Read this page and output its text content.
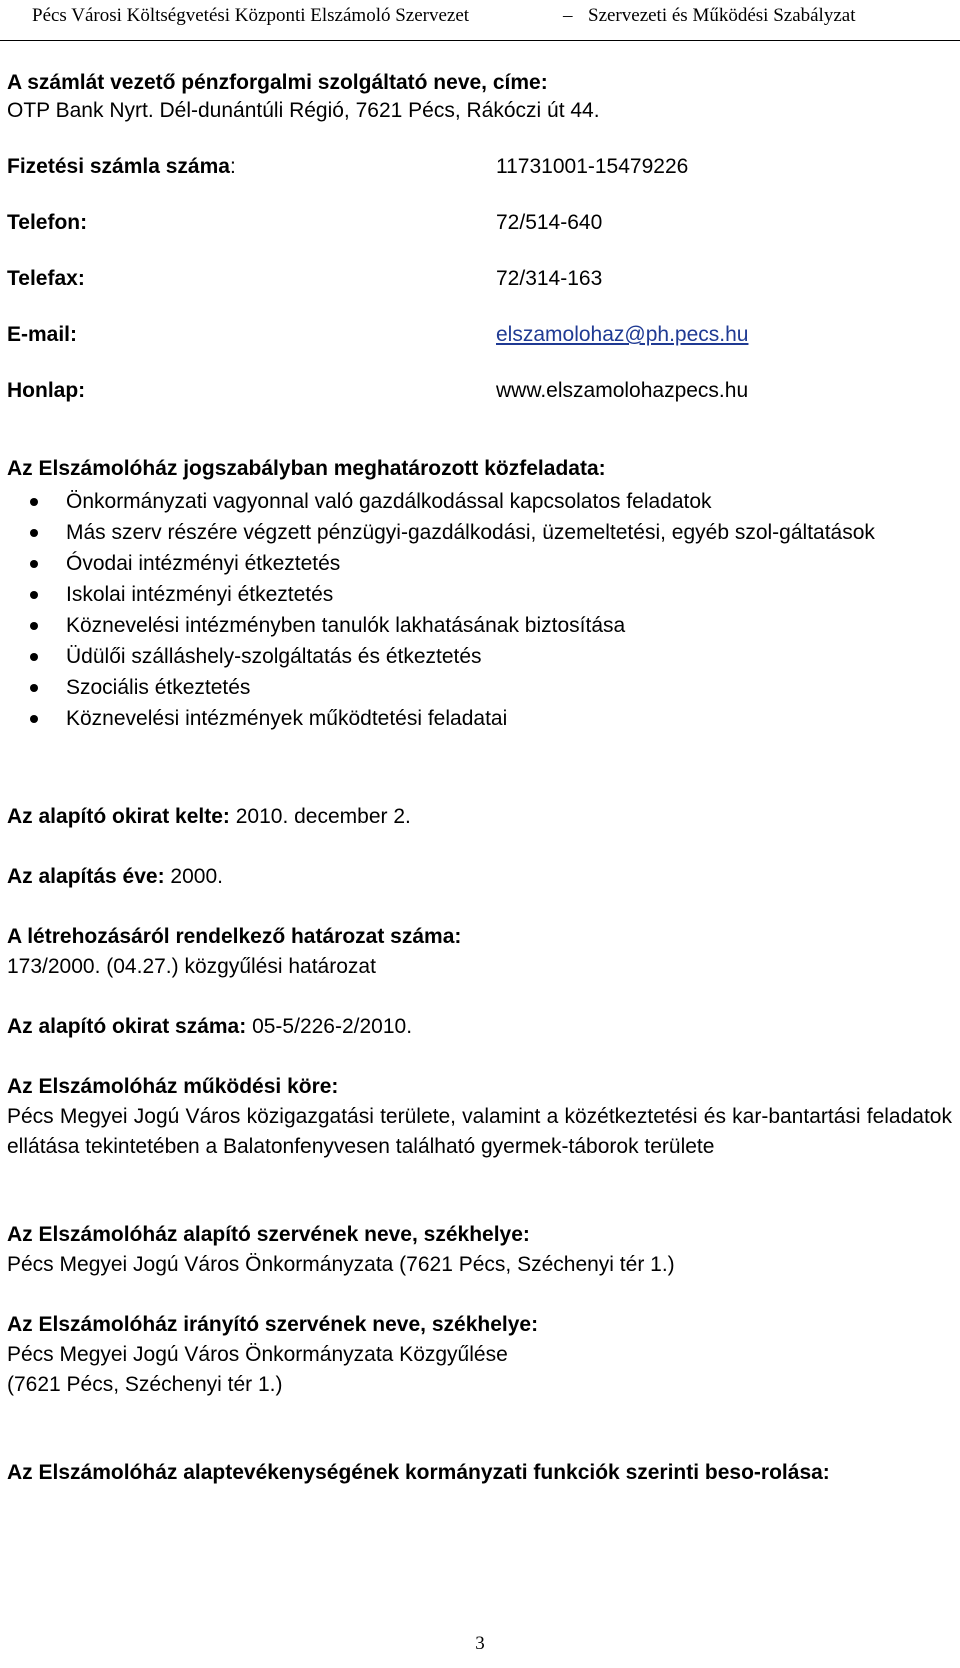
Pécs Városi Költségvetési Központi Elszámoló Szervezet	– Szervezeti és Működési Szabályzat
A számlát vezető pénzforgalmi szolgáltató neve, címe:
OTP Bank Nyrt. Dél-dunántúli Régió, 7621 Pécs, Rákóczi út 44.
Fizetési számla száma:	11731001-15479226
Telefon:	72/514-640
Telefax:	72/314-163
E-mail:	elszamolohaz@ph.pecs.hu
Honlap:	www.elszamolohazpecs.hu
Az Elszámolóház jogszabályban meghatározott közfeladata:
Önkormányzati vagyonnal való gazdálkodással kapcsolatos feladatok
Más szerv részére végzett pénzügyi-gazdálkodási, üzemeltetési, egyéb szol-gáltatások
Óvodai intézményi étkeztetés
Iskolai intézményi étkeztetés
Köznevelési intézményben tanulók lakhatásának biztosítása
Üdülői szálláshely-szolgáltatás és étkeztetés
Szociális étkeztetés
Köznevelési intézmények működtetési feladatai
Az alapító okirat kelte: 2010. december 2.
Az alapítás éve: 2000.
A létrehozásáról rendelkező határozat száma:
173/2000. (04.27.) közgyűlési határozat
Az alapító okirat száma: 05-5/226-2/2010.
Az Elszámolóház működési köre:
Pécs Megyei Jogú Város közigazgatási területe, valamint a közétkeztetési és kar-bantartási feladatok ellátása tekintetében a Balatonfenyvesen található gyermek-táborok területe
Az Elszámolóház alapító szervének neve, székhelye:
Pécs Megyei Jogú Város Önkormányzata (7621 Pécs, Széchenyi tér 1.)
Az Elszámolóház irányító szervének neve, székhelye:
Pécs Megyei Jogú Város Önkormányzata Közgyűlése
(7621 Pécs, Széchenyi tér 1.)
Az Elszámolóház alaptevékenységének kormányzati funkciók szerinti beso-rolása:
3
